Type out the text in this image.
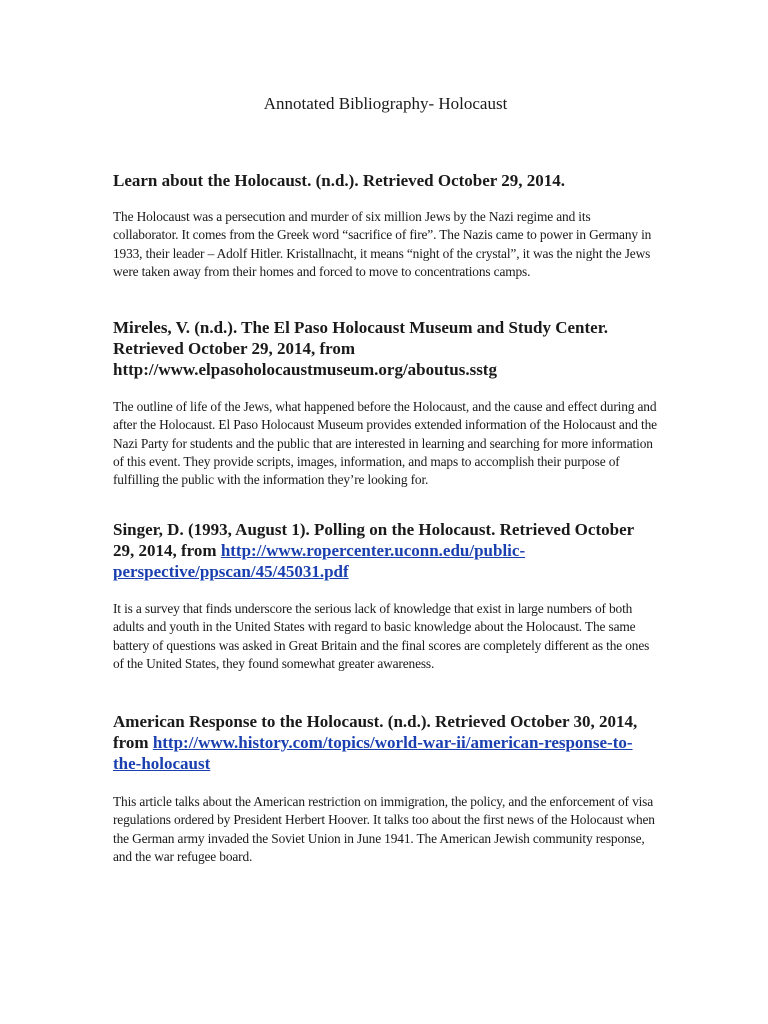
Annotated Bibliography- Holocaust

Learn about the Holocaust. (n.d.). Retrieved October 29, 2014.

The Holocaust was a persecution and murder of six million Jews by the Nazi regime and its collaborator. It comes from the Greek word “sacrifice of fire”. The Nazis came to power in Germany in 1933, their leader – Adolf Hitler. Kristallnacht, it means “night of the crystal”, it was the night the Jews were taken away from their homes and forced to move to concentrations camps.

Mireles, V. (n.d.). The El Paso Holocaust Museum and Study Center. Retrieved October 29, 2014, from http://www.elpasoholocaustmuseum.org/aboutus.sstg

The outline of life of the Jews, what happened before the Holocaust, and the cause and effect during and after the Holocaust. El Paso Holocaust Museum provides extended information of the Holocaust and the Nazi Party for students and the public that are interested in learning and searching for more information of this event. They provide scripts, images, information, and maps to accomplish their purpose of fulfilling the public with the information they’re looking for.

Singer, D. (1993, August 1). Polling on the Holocaust. Retrieved October 29, 2014, from http://www.ropercenter.uconn.edu/public-perspective/ppscan/45/45031.pdf

It is a survey that finds underscore the serious lack of knowledge that exist in large numbers of both adults and youth in the United States with regard to basic knowledge about the Holocaust. The same battery of questions was asked in Great Britain and the final scores are completely different as the ones of the United States, they found somewhat greater awareness.

American Response to the Holocaust. (n.d.). Retrieved October 30, 2014, from http://www.history.com/topics/world-war-ii/american-response-to-the-holocaust

This article talks about the American restriction on immigration, the policy, and the enforcement of visa regulations ordered by President Herbert Hoover. It talks too about the first news of the Holocaust when the German army invaded the Soviet Union in June 1941. The American Jewish community response, and the war refugee board.
